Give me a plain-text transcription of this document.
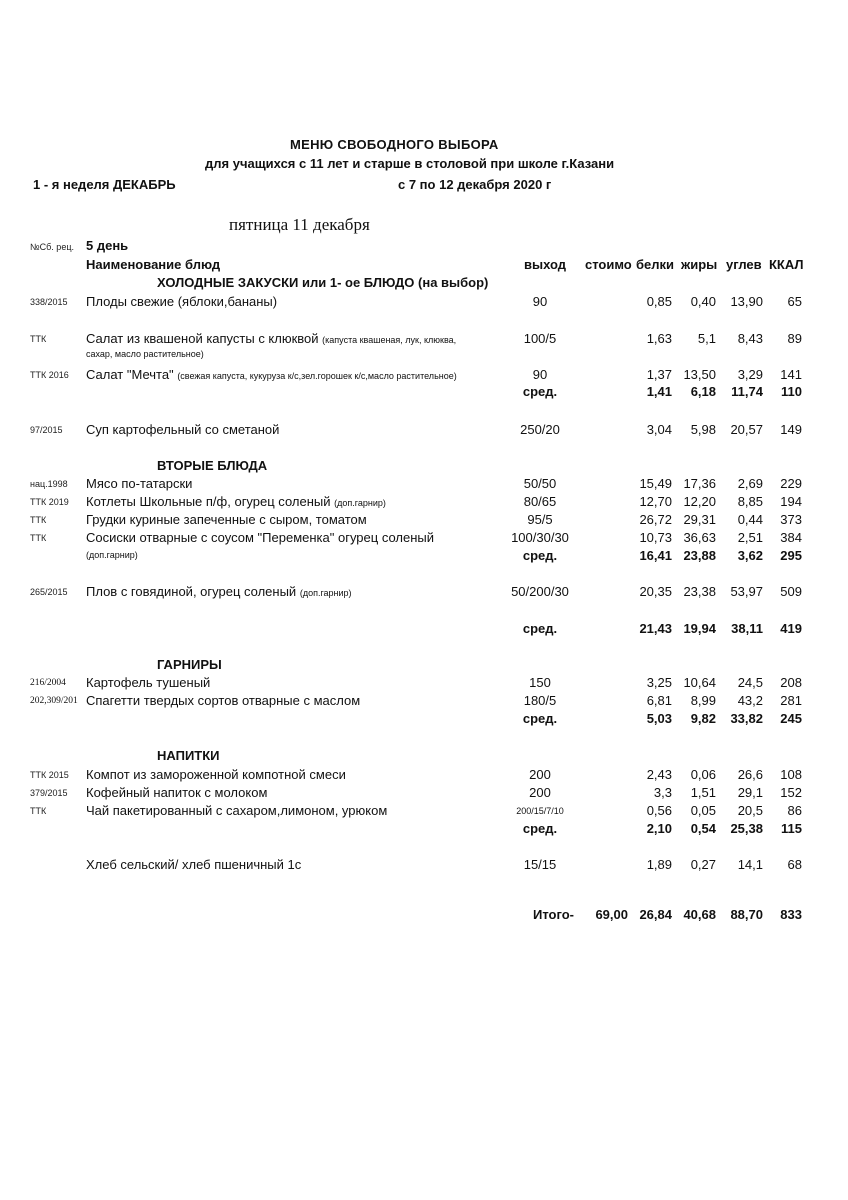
МЕНЮ СВОБОДНОГО ВЫБОРА
для учащихся с 11 лет и старше в столовой при школе г.Казани
1 - я неделя ДЕКАБРЬ	с 7 по 12 декабря 2020 г
пятница 11 декабря
№Сб. рец. 5 день
Наименование блюд	выход стоимо белки жиры углев ККАЛ
ХОЛОДНЫЕ ЗАКУСКИ или 1- ое БЛЮДО (на выбор)
338/2015 Плоды свежие (яблоки,бананы)	90	0,85	0,40	13,90	65
ТТК	Салат из квашеной капусты с клюквой (капуста квашеная, лук, клюква,
сахар, масло растительное)
100/5	1,63	5,1	8,43	89
ТТК 2016 Салат "Мечта" (свежая капуста, кукуруза к/с,зел.горошек к/с,масло растительное)	90	1,37 13,50	3,29	141
сред.	1,41	6,18	11,74	110
97/2015 Суп картофельный со сметаной	250/20	3,04	5,98	20,57	149
ВТОРЫЕ БЛЮДА
нац.1998 Мясо по-татарски	50/50	15,49 17,36	2,69	229
ТТК 2019 Котлеты Школьные п/ф, огурец соленый (доп.гарнир)	80/65	12,70 12,20	8,85	194
ТТК	Грудки куриные запеченные с сыром, томатом	95/5	26,72 29,31	0,44	373
ТТК	Сосиски отварные с соусом "Переменка" огурец соленый
(доп.гарнир)
100/30/30	10,73 36,63	2,51	384
сред.	16,41 23,88	3,62	295
265/2015 Плов с говядиной, огурец соленый (доп.гарнир)	50/200/30	20,35 23,38	53,97	509
сред.	21,43 19,94	38,11	419
ГАРНИРЫ
216/2004 Картофель тушеный	150	3,25 10,64	24,5	208
202,309/201 Спагетти твердых сортов отварные с маслом	180/5	6,81	8,99	43,2	281
сред.	5,03	9,82	33,82	245
НАПИТКИ
ТТК 2015 Компот из замороженной компотной смеси	200	2,43	0,06	26,6	108
379/2015 Кофейный напиток с молоком	200	3,3	1,51	29,1	152
ТТК	Чай пакетированный с сахаром,лимоном, урюком	200/15/7/10	0,56	0,05	20,5	86
сред.	2,10	0,54	25,38	115
Хлеб сельский/ хлеб пшеничный 1с	15/15	1,89	0,27	14,1	68
Итого-	69,00 26,84 40,68	88,70	833
